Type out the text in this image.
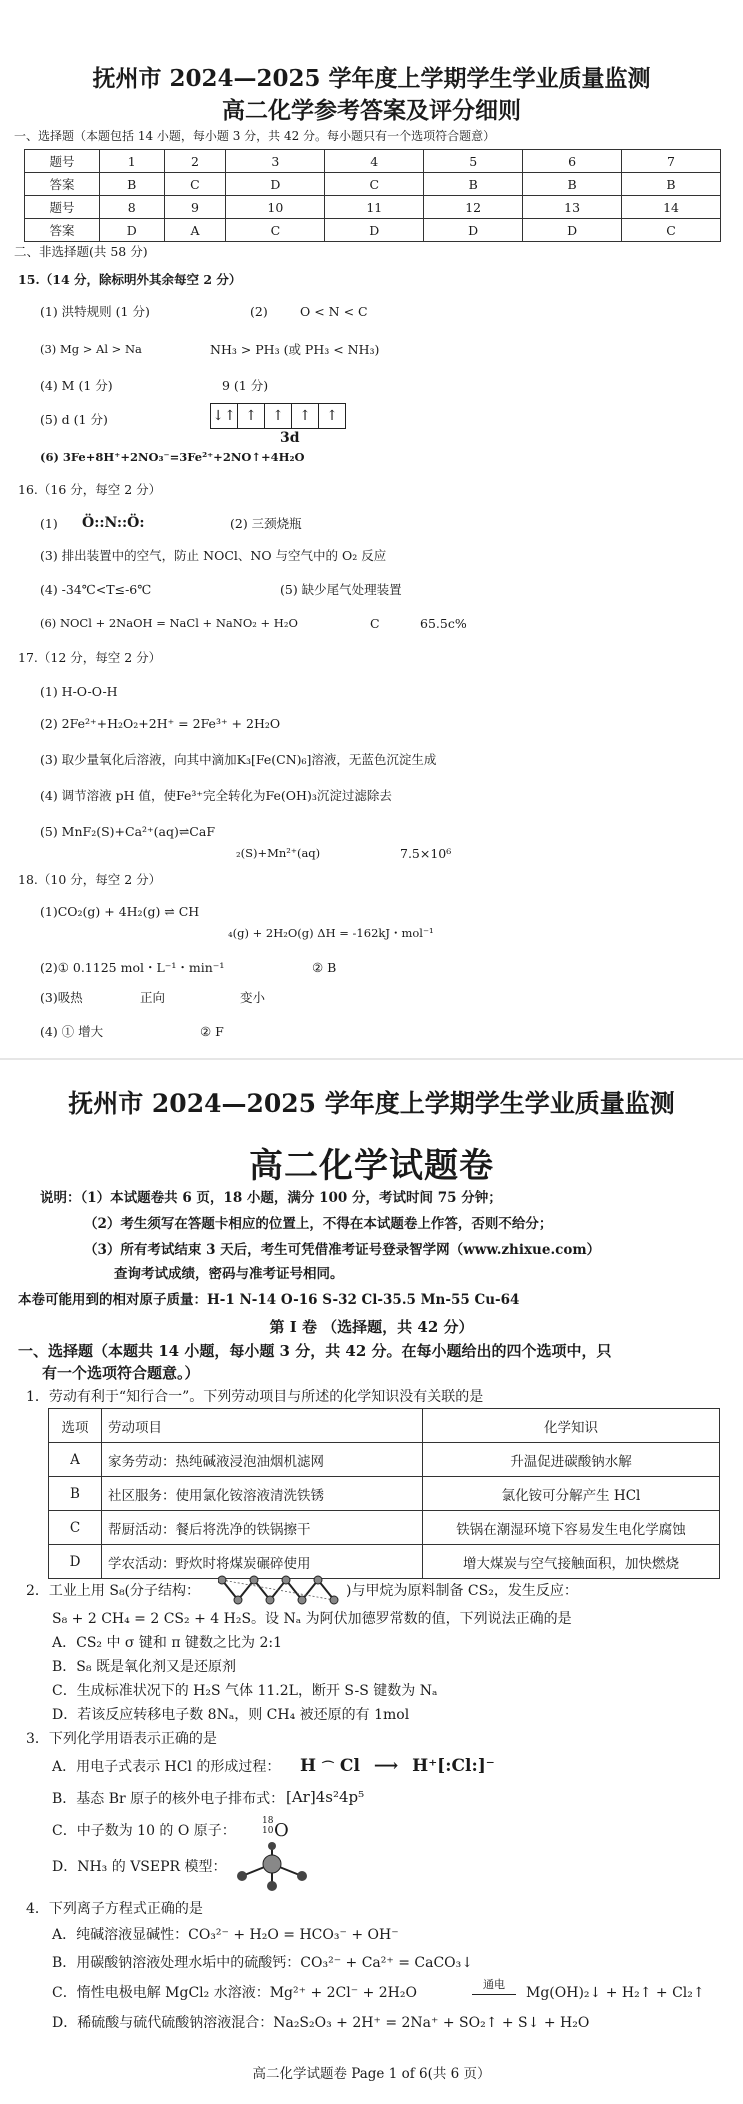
抚州市 2024—2025 学年度上学期学生学业质量监测

高二化学参考答案及评分细则

一、选择题（本题包括 14 小题，每小题 3 分，共 42 分。每小题只有一个选项符合题意）
题号	1	2	3	4	5	6	7
答案	B	C	D	C	B	B	B
题号	8	9	10	11	12	13	14
答案	D	A	C	D	D	D	C
二、非选择题(共 58 分)
15.（14 分，除标明外其余每空 2 分）
(1) 洪特规则 (1 分)	(2)	O < N < C
(3) Mg > Al > Na	NH₃ > PH₃ (或 PH₃ < NH₃)
(4) M (1 分)	9 (1 分)
(5) d (1 分)	↓↑ ↑ ↑ ↑ ↑
3d
(6) 3Fe+8H⁺+2NO₃⁻=3Fe²⁺+2NO↑+4H₂O
16.（16 分，每空 2 分）
(1) Ö::N::Ö:	(2) 三颈烧瓶
(3) 排出装置中的空气，防止 NOCl、NO 与空气中的 O₂ 反应
(4) -34℃<T≤-6℃	(5) 缺少尾气处理装置
(6) NOCl + 2NaOH = NaCl + NaNO₂ + H₂O	C	65.5c%
17.（12 分，每空 2 分）
(1) H-O-O-H
(2) 2Fe²⁺+H₂O₂+2H⁺ = 2Fe³⁺ + 2H₂O
(3) 取少量氧化后溶液，向其中滴加K₃[Fe(CN)₆]溶液，无蓝色沉淀生成
(4) 调节溶液 pH 值，使Fe³⁺完全转化为Fe(OH)₃沉淀过滤除去
(5) MnF₂(S)+Ca²⁺(aq)⇌CaF
₂(S)+Mn²⁺(aq)	7.5×10⁶
18.（10 分，每空 2 分）
(1)CO₂(g) + 4H₂(g) ⇌ CH
₄(g) + 2H₂O(g) ΔH = -162kJ・mol⁻¹
(2)① 0.1125 mol・L⁻¹・min⁻¹	② B
(3)吸热	正向	变小
(4) ① 增大	② F
抚州市 2024—2025 学年度上学期学生学业质量监测
高二化学试题卷
说明：（1）本试题卷共 6 页，18 小题，满分 100 分，考试时间 75 分钟；
（2）考生须写在答题卡相应的位置上，不得在本试题卷上作答，否则不给分；
（3）所有考试结束 3 天后，考生可凭借准考证号登录智学网（www.zhixue.com）
查询考试成绩，密码与准考证号相同。
本卷可能用到的相对原子质量：H-1 N-14 O-16 S-32 Cl-35.5 Mn-55 Cu-64
第 I 卷 （选择题，共 42 分）
一、选择题（本题共 14 小题，每小题 3 分，共 42 分。在每小题给出的四个选项中，只
有一个选项符合题意。）
1．劳动有利于“知行合一”。下列劳动项目与所述的化学知识没有关联的是
选项	劳动项目	化学知识
A	家务劳动：热纯碱液浸泡油烟机滤网	升温促进碳酸钠水解
B	社区服务：使用氯化铵溶液清洗铁锈	氯化铵可分解产生 HCl
C	帮厨活动：餐后将洗净的铁锅擦干	铁锅在潮湿环境下容易发生电化学腐蚀
D	学农活动：野炊时将煤炭碾碎使用	增大煤炭与空气接触面积，加快燃烧
2．工业上用 S₈(分子结构：	)与甲烷为原料制备 CS₂，发生反应：
S₈ + 2 CH₄ = 2 CS₂ + 4 H₂S。设 Nₐ 为阿伏加德罗常数的值，下列说法正确的是
A．CS₂ 中 σ 键和 π 键数之比为 2:1
B．S₈ 既是氧化剂又是还原剂
C．生成标准状况下的 H₂S 气体 11.2L，断开 S-S 键数为 Nₐ
D．若该反应转移电子数 8Nₐ，则 CH₄ 被还原的有 1mol
3．下列化学用语表示正确的是
A．用电子式表示 HCl 的形成过程： H ⌒ Cl ⟶ H⁺[:Cl:]⁻
B．基态 Br 原子的核外电子排布式： [Ar]4s²4p⁵
C．中子数为 10 的 O 原子：
18
10 O
D．NH₃ 的 VSEPR 模型：
4．下列离子方程式正确的是
A．纯碱溶液显碱性：CO₃²⁻ + H₂O = HCO₃⁻ + OH⁻
B．用碳酸钠溶液处理水垢中的硫酸钙：CO₃²⁻ + Ca²⁺ = CaCO₃↓
C．惰性电极电解 MgCl₂ 水溶液：Mg²⁺ + 2Cl⁻ + 2H₂O
通电
Mg(OH)₂↓ + H₂↑ + Cl₂↑
D．稀硫酸与硫代硫酸钠溶液混合：Na₂S₂O₃ + 2H⁺ = 2Na⁺ + SO₂↑ + S↓ + H₂O
高二化学试题卷 Page 1 of 6(共 6 页）
